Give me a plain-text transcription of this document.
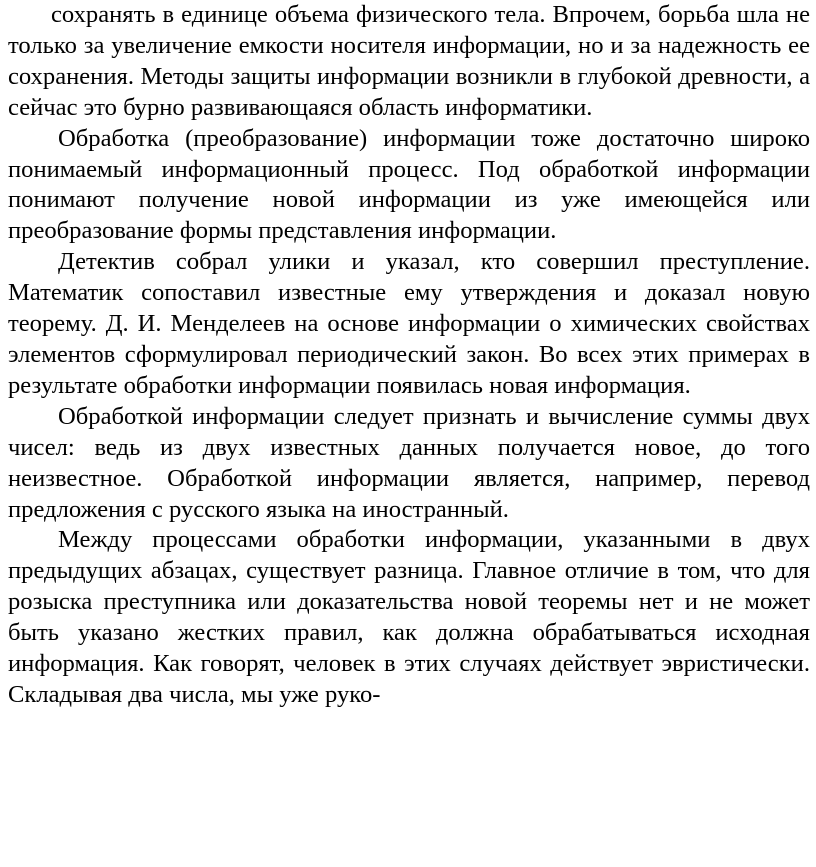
сохранять в единице объема физического тела. Впрочем, борьба шла не только за увеличение емкости носителя информации, но и за надежность ее сохранения. Методы защиты информации возникли в глубокой древности, а сейчас это бурно развивающаяся область информатики.

Обработка (преобразование) информации тоже достаточно широко понимаемый информационный процесс. Под обработкой информации понимают получение новой информации из уже имеющейся или преобразование формы представления информации.

Детектив собрал улики и указал, кто совершил преступление. Математик сопоставил известные ему утверждения и доказал новую теорему. Д. И. Менделеев на основе информации о химических свойствах элементов сформулировал периодический закон. Во всех этих примерах в результате обработки информации появилась новая информация.

Обработкой информации следует признать и вычисление суммы двух чисел: ведь из двух известных данных получается новое, до того неизвестное. Обработкой информации является, например, перевод предложения с русского языка на иностранный.

Между процессами обработки информации, указанными в двух предыдущих абзацах, существует разница. Главное отличие в том, что для розыска преступника или доказательства новой теоремы нет и не может быть указано жестких правил, как должна обрабатываться исходная информация. Как говорят, человек в этих случаях действует эвристически. Складывая два числа, мы уже руко-
